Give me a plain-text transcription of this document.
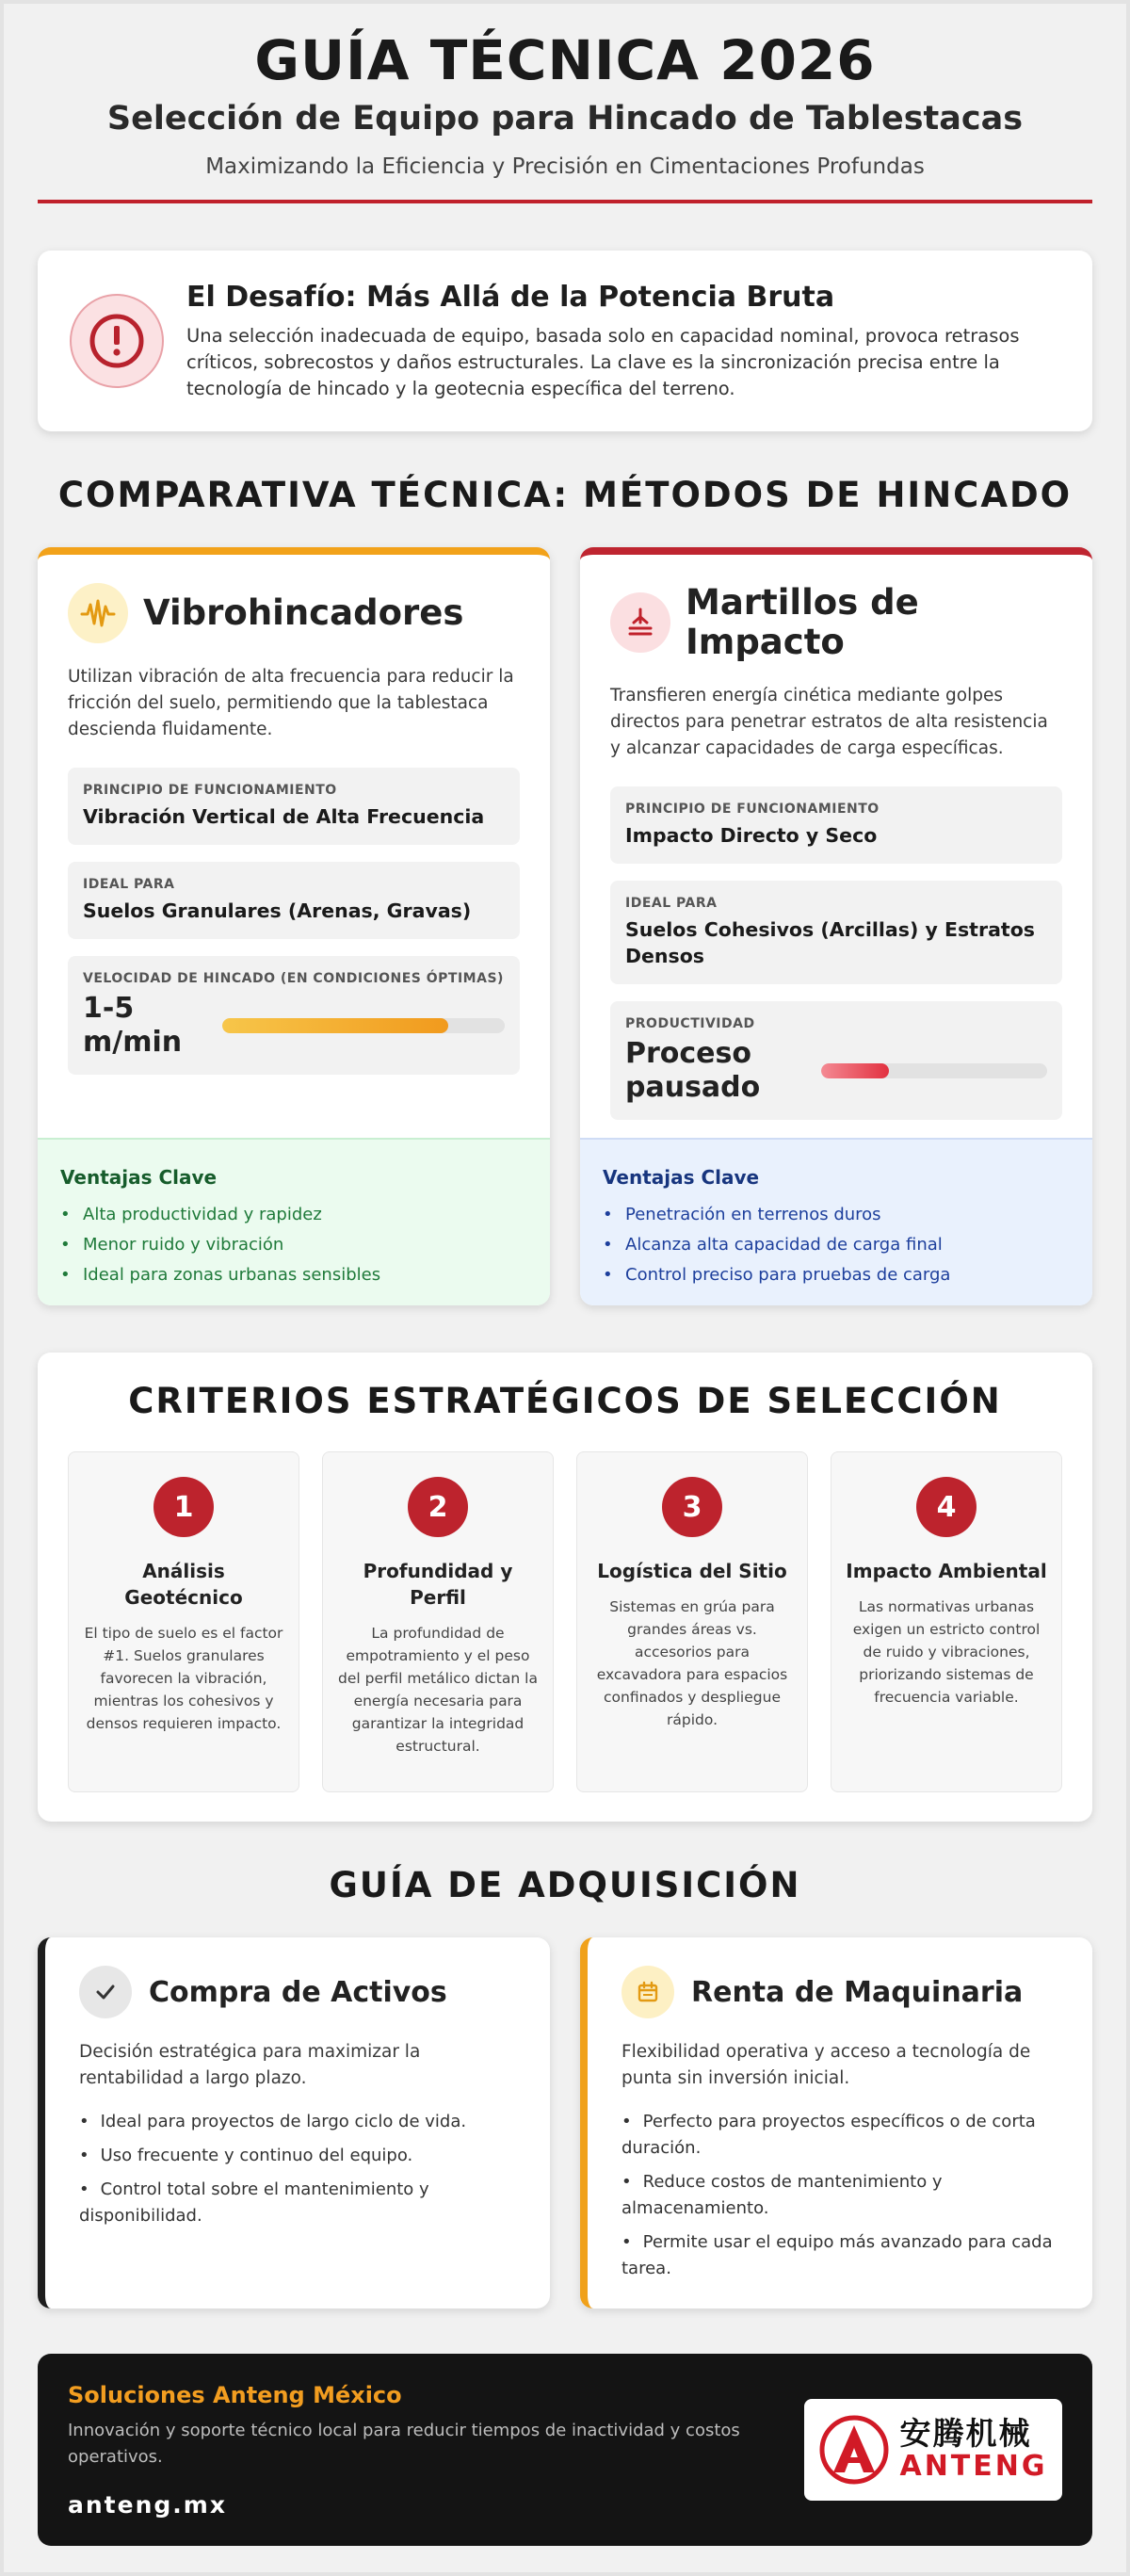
GUÍA TÉCNICA 2026
Selección de Equipo para Hincado de Tablestacas

Maximizando la Eficiencia y Precisión en Cimentaciones Profundas

El Desafío: Más Allá de la Potencia Bruta

Una selección inadecuada de equipo, basada solo en capacidad nominal, provoca retrasos críticos, sobrecostos y daños estructurales. La clave es la sincronización precisa entre la tecnología de hincado y la geotecnia específica del terreno.

COMPARATIVA TÉCNICA: MÉTODOS DE HINCADO
Vibrohincadores

Utilizan vibración de alta frecuencia para reducir la fricción del suelo, permitiendo que la tablestaca descienda fluidamente.

PRINCIPIO DE FUNCIONAMIENTO
Vibración Vertical de Alta Frecuencia
IDEAL PARA
Suelos Granulares (Arenas, Gravas)
VELOCIDAD DE HINCADO (EN CONDICIONES ÓPTIMAS)
1-5 m/min
Ventajas Clave
• Alta productividad y rapidez
• Menor ruido y vibración
• Ideal para zonas urbanas sensibles
Martillos de Impacto

Transfieren energía cinética mediante golpes directos para penetrar estratos de alta resistencia y alcanzar capacidades de carga específicas.

PRINCIPIO DE FUNCIONAMIENTO
Impacto Directo y Seco
IDEAL PARA
Suelos Cohesivos (Arcillas) y Estratos Densos
PRODUCTIVIDAD
Proceso pausado
Ventajas Clave
• Penetración en terrenos duros
• Alcanza alta capacidad de carga final
• Control preciso para pruebas de carga
CRITERIOS ESTRATÉGICOS DE SELECCIÓN
1
Análisis Geotécnico

El tipo de suelo es el factor #1. Suelos granulares favorecen la vibración, mientras los cohesivos y densos requieren impacto.

2
Profundidad y Perfil

La profundidad de empotramiento y el peso del perfil metálico dictan la energía necesaria para garantizar la integridad estructural.

3
Logística del Sitio

Sistemas en grúa para grandes áreas vs. accesorios para excavadora para espacios confinados y despliegue rápido.

4
Impacto Ambiental

Las normativas urbanas exigen un estricto control de ruido y vibraciones, priorizando sistemas de frecuencia variable.

GUÍA DE ADQUISICIÓN
Compra de Activos

Decisión estratégica para maximizar la rentabilidad a largo plazo.

• Ideal para proyectos de largo ciclo de vida.
• Uso frecuente y continuo del equipo.
• Control total sobre el mantenimiento y disponibilidad.
Renta de Maquinaria

Flexibilidad operativa y acceso a tecnología de punta sin inversión inicial.

• Perfecto para proyectos específicos o de corta duración.
• Reduce costos de mantenimiento y almacenamiento.
• Permite usar el equipo más avanzado para cada tarea.
Soluciones Anteng México

Innovación y soporte técnico local para reducir tiempos de inactividad y costos operativos.

anteng.mx
安腾机械
ANTENG
